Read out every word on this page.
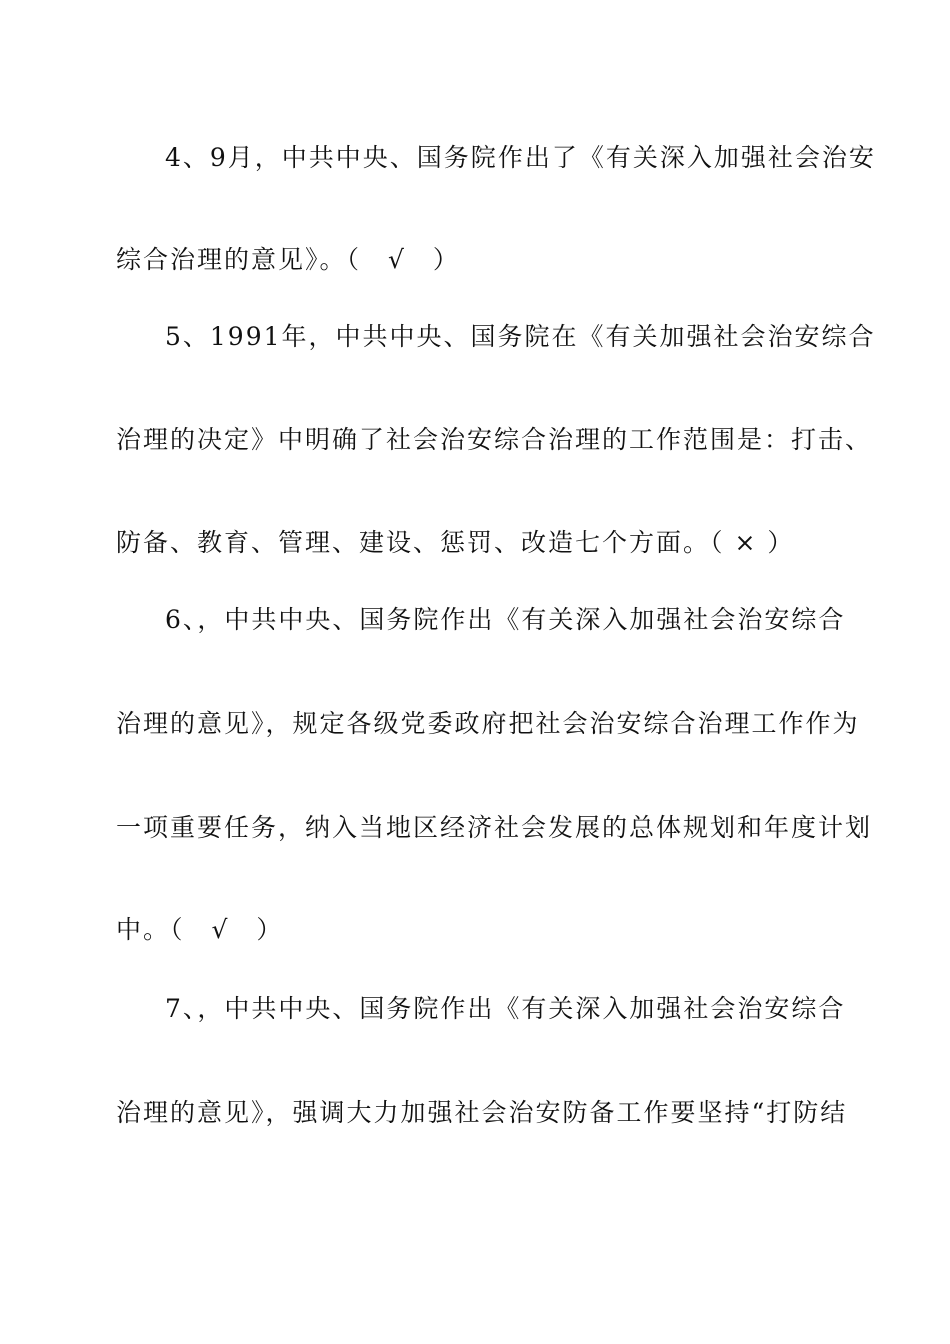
4、9月，中共中央、国务院作出了《有关深入加强社会治安
综合治理的意见》。（　√　）
5、1991年，中共中央、国务院在《有关加强社会治安综合
治理的决定》中明确了社会治安综合治理的工作范围是：打击、
防备、教育、管理、建设、惩罚、改造七个方面。（ × ）
6、，中共中央、国务院作出《有关深入加强社会治安综合
治理的意见》，规定各级党委政府把社会治安综合治理工作作为
一项重要任务，纳入当地区经济社会发展的总体规划和年度计划
中。（　√　）
7、，中共中央、国务院作出《有关深入加强社会治安综合
治理的意见》，强调大力加强社会治安防备工作要坚持“打防结
